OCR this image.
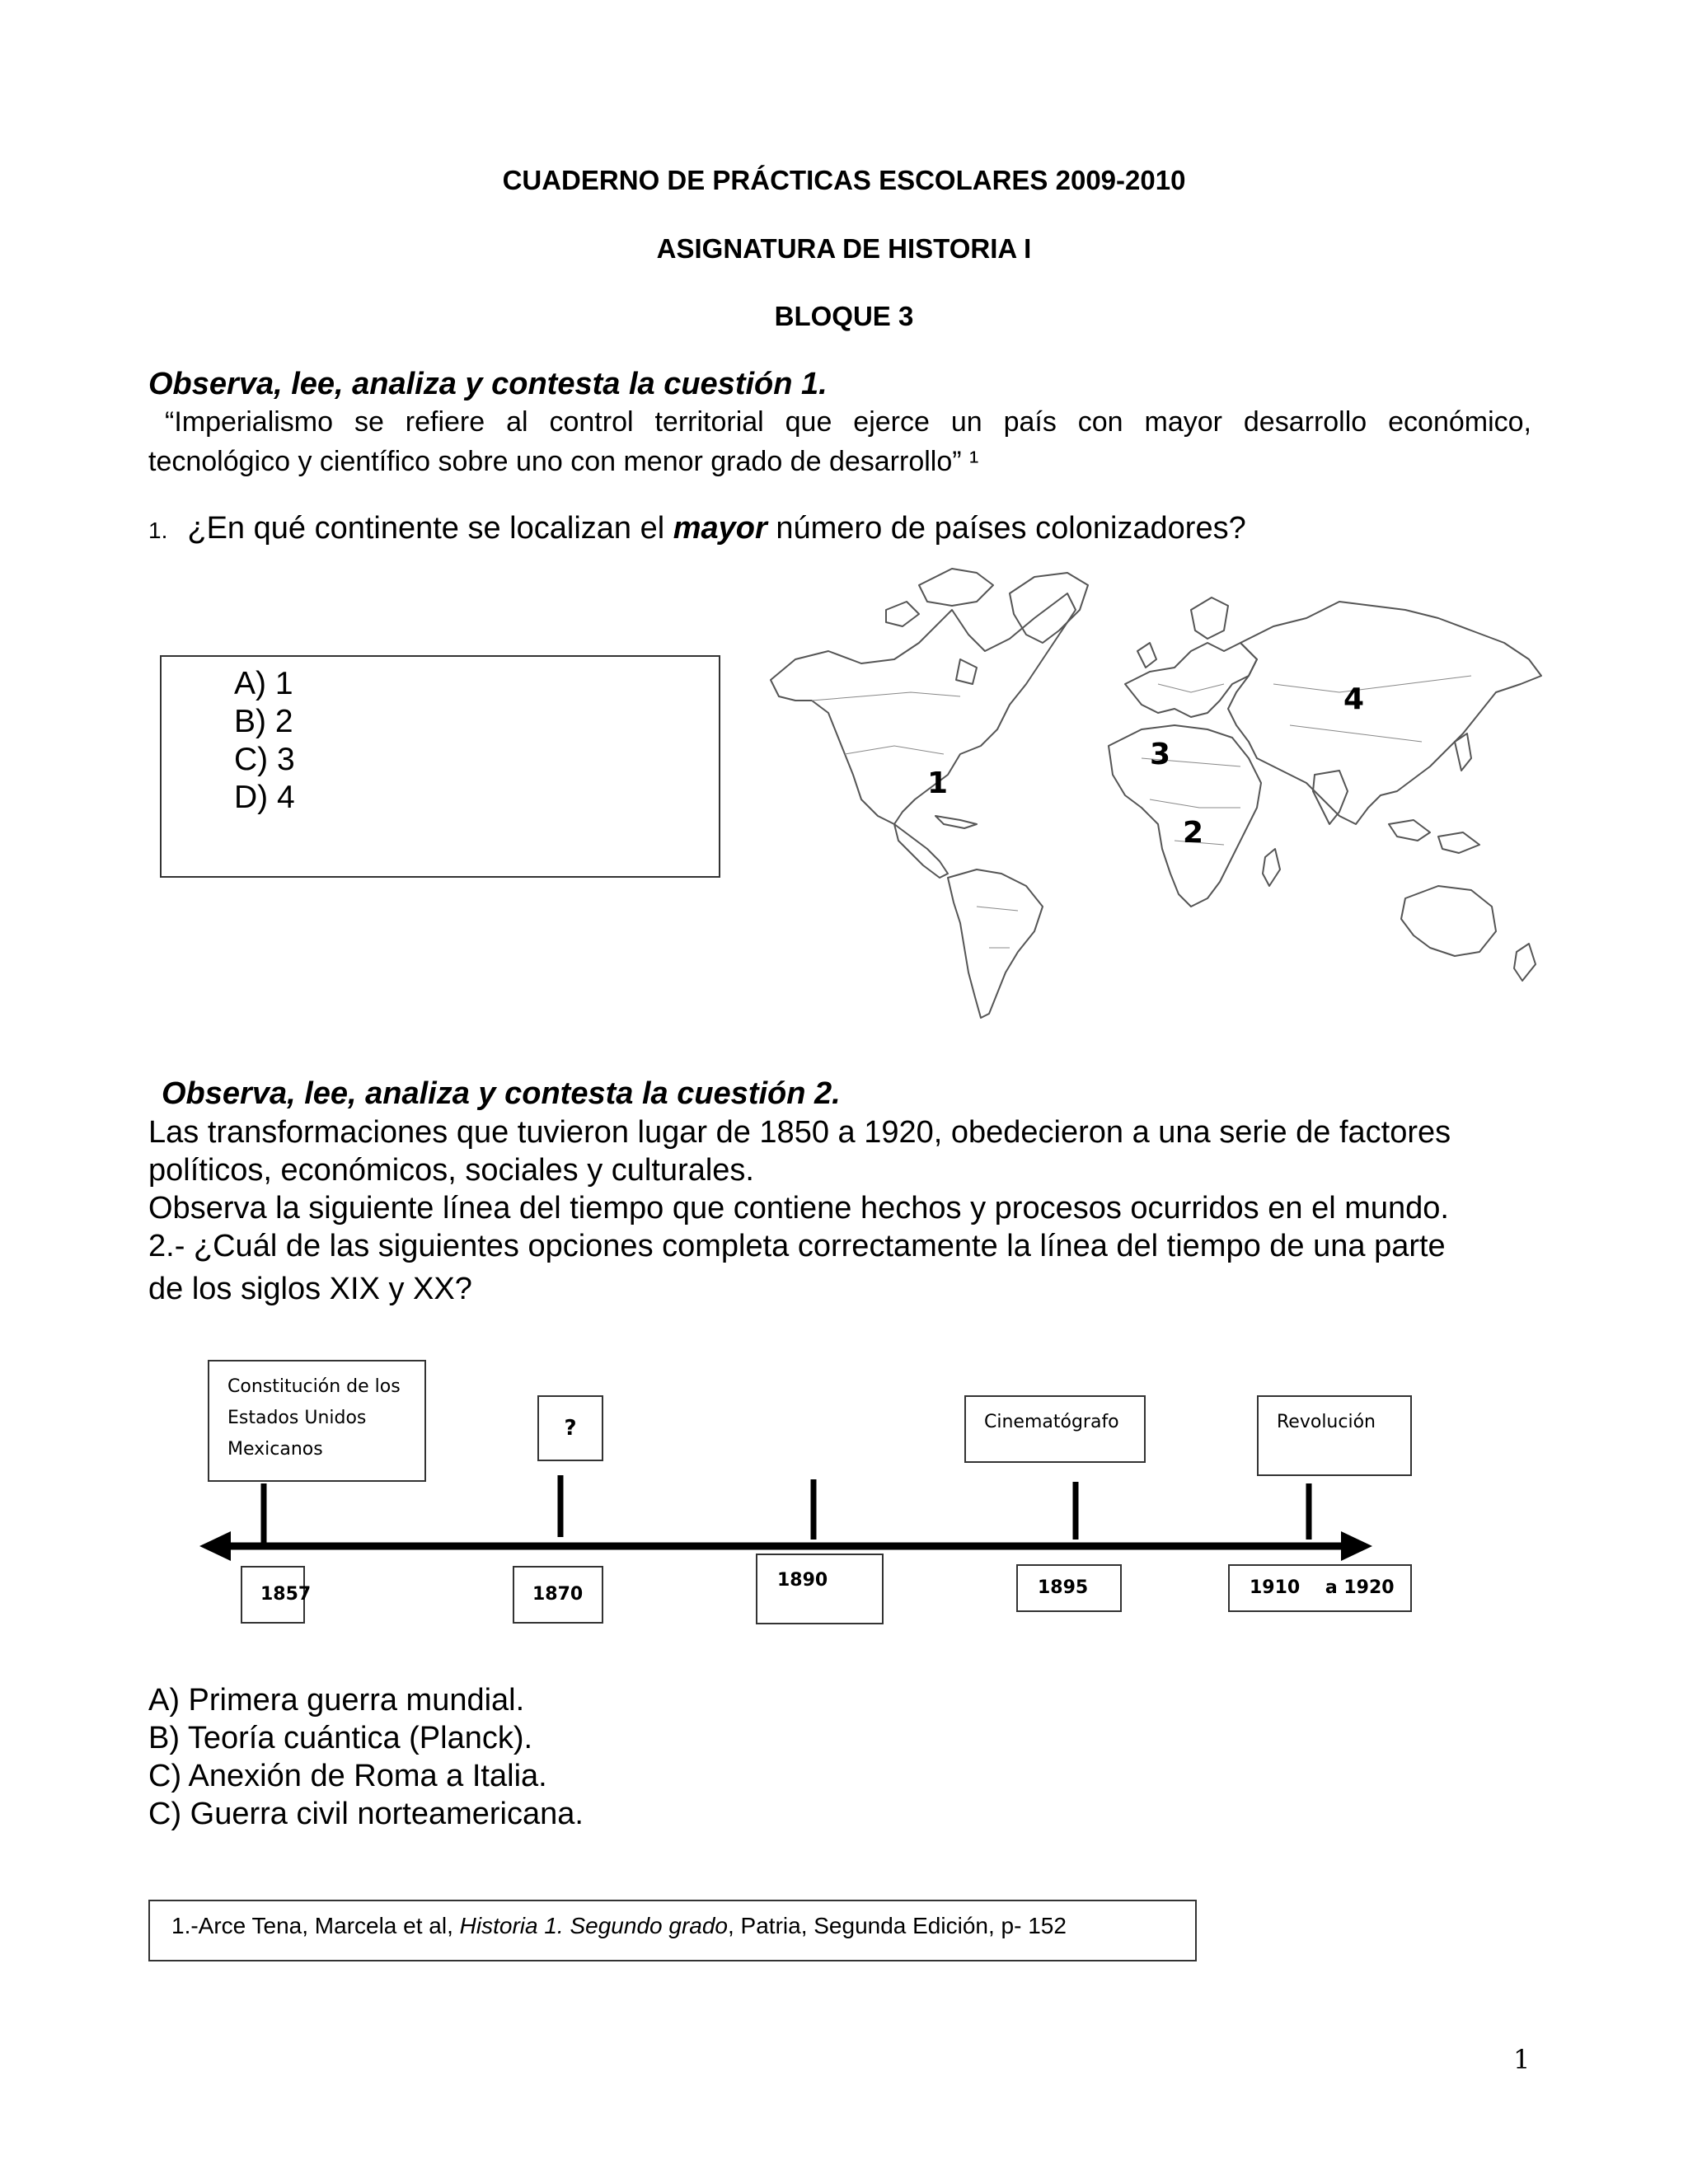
CUADERNO DE PRÁCTICAS ESCOLARES 2009-2010
ASIGNATURA DE HISTORIA I
BLOQUE 3
Observa, lee, analiza y contesta la cuestión 1.
“Imperialismo se refiere al control territorial que ejerce un país con mayor desarrollo económico,
tecnológico y científico sobre uno con menor grado de desarrollo” ¹
1. ¿En qué continente se localizan el mayor número de países colonizadores?
A) 1
B) 2
C) 3
D) 4	1
2
3
4
Observa, lee, analiza y contesta la cuestión 2.
Las transformaciones que tuvieron lugar de 1850 a 1920, obedecieron a una serie de factores
políticos, económicos, sociales y culturales.
Observa la siguiente línea del tiempo que contiene hechos y procesos ocurridos en el mundo.
2.- ¿Cuál de las siguientes opciones completa correctamente la línea del tiempo de una parte
de los siglos XIX y XX?
Constitución de los
Estados Unidos
Mexicanos
?	Cinematógrafo	Revolución
1857	1870
1890	1895	1910    a 1920
A) Primera guerra mundial.
B) Teoría cuántica (Planck).
C) Anexión de Roma a Italia.
C) Guerra civil norteamericana.
1.-Arce Tena, Marcela et al, Historia 1. Segundo grado, Patria, Segunda Edición, p- 152
1
